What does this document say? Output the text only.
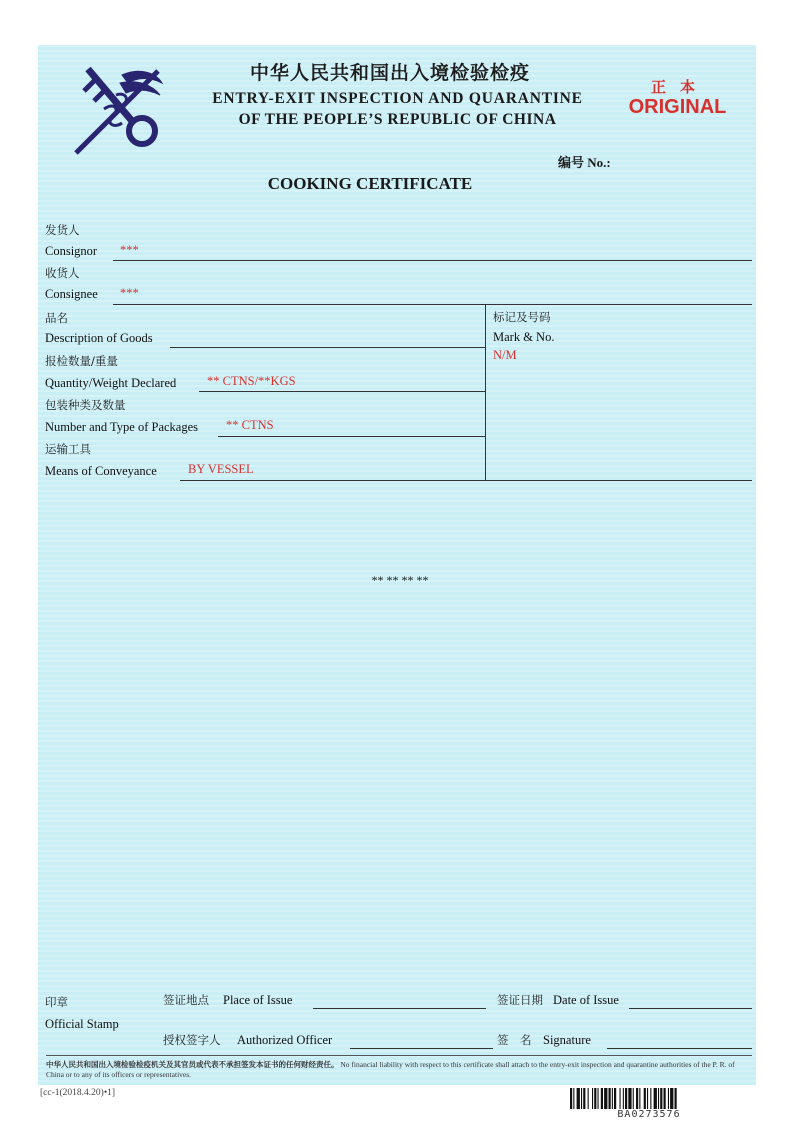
中华人民共和国出入境检验检疫
ENTRY-EXIT INSPECTION AND QUARANTINE
OF THE PEOPLE’S REPUBLIC OF CHINA
正本
ORIGINAL
编号 No.:
COOKING CERTIFICATE
发货人
Consignor ***
收货人
Consignee ***
品名
Description of Goods
报检数量/重量
Quantity/Weight Declared ** CTNS/**KGS
包装种类及数量
Number and Type of Packages ** CTNS
运输工具
Means of Conveyance BY VESSEL
标记及号码
Mark & No.
N/M
** ** ** **
印章
Official Stamp
签证地点 Place of Issue	签证日期 Date of Issue
授权签字人 Authorized Officer	签　名 Signature
中华人民共和国出入境检验检疫机关及其官员或代表不承担签发本证书的任何财经责任。 No financial liability with respect to this certificate shall attach to the entry-exit inspection and quarantine authorities of the P. R. of China or to any of its officers or representatives.
[cc-1(2018.4.20)•1]
BA0273576
